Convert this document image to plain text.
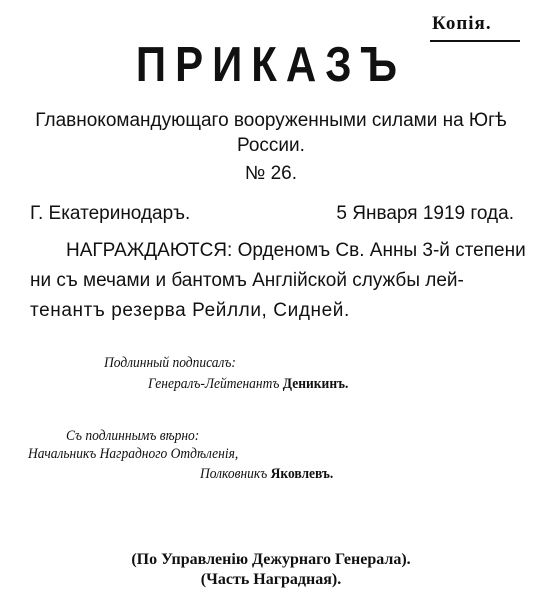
Копія.
ПРИКАЗЪ
Главнокомандующаго вооруженными силами на Югѣ России.
№ 26.
Г. Екатеринодаръ.	5 Января 1919 года.
НАГРАЖДАЮТСЯ: Орденомъ Св. Анны 3-й степени
ни съ мечами и бантомъ Англійской службы лей-
тенантъ резерва Рейлли, Сидней.
Подлинный подписалъ:
Генералъ-Лейтенантъ Деникинъ.
Съ подлиннымъ вѣрно:
Начальникъ Наградного Отдѣленія,
Полковникъ Яковлевъ.
(По Управленію Дежурнаго Генерала).
(Часть Наградная).
